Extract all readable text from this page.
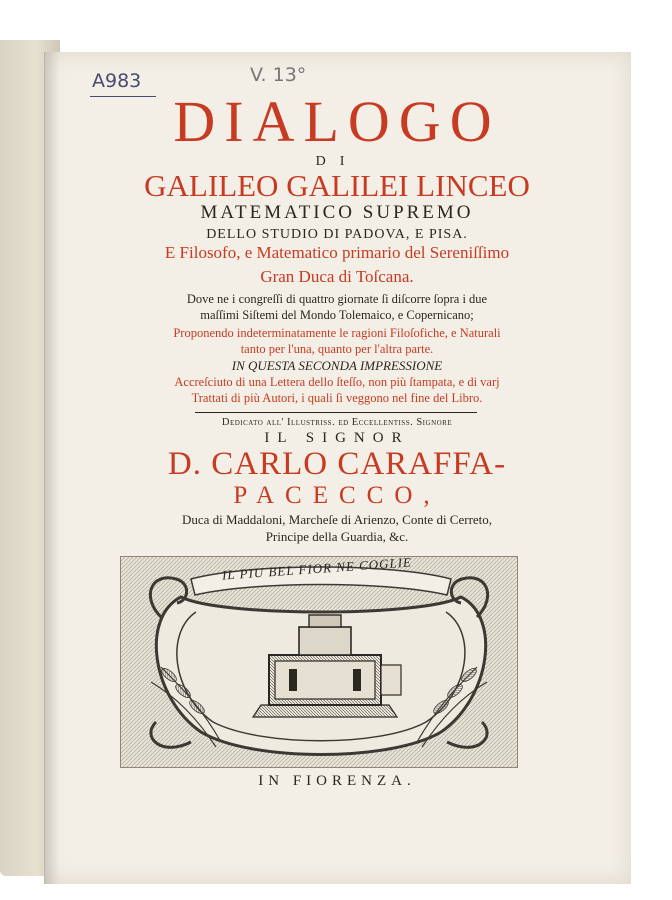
A983	V. 13°
DIALOGO
DI
GALILEO GALILEI LINCEO
MATEMATICO SUPREMO
DELLO STUDIO DI PADOVA, E PISA.
E Filosofo, e Matematico primario del Sereniſſimo
Gran Duca di Toſcana.
Dove ne i congreſſi di quattro giornate ſi diſcorre ſopra i due
maſſimi Siſtemi del Mondo Tolemaico, e Copernicano;
Proponendo indeterminatamente le ragioni Filoſofiche, e Naturali
tanto per l'una, quanto per l'altra parte.
IN QUESTA SECONDA IMPRESSIONE
Accreſciuto di una Lettera dello ſteſſo, non più ſtampata, e di varj
Trattati di più Autori, i quali ſi veggono nel fine del Libro.
Dedicato all' Illustriss. ed Eccellentiss. Signore
IL SIGNOR
D. CARLO CARAFFA-
PACECCO,
Duca di Maddaloni, Marcheſe di Arienzo, Conte di Cerreto,
Principe della Guardia, &c.
IL PIU BEL FIOR NE COGLIE
IN FIORENZA.
